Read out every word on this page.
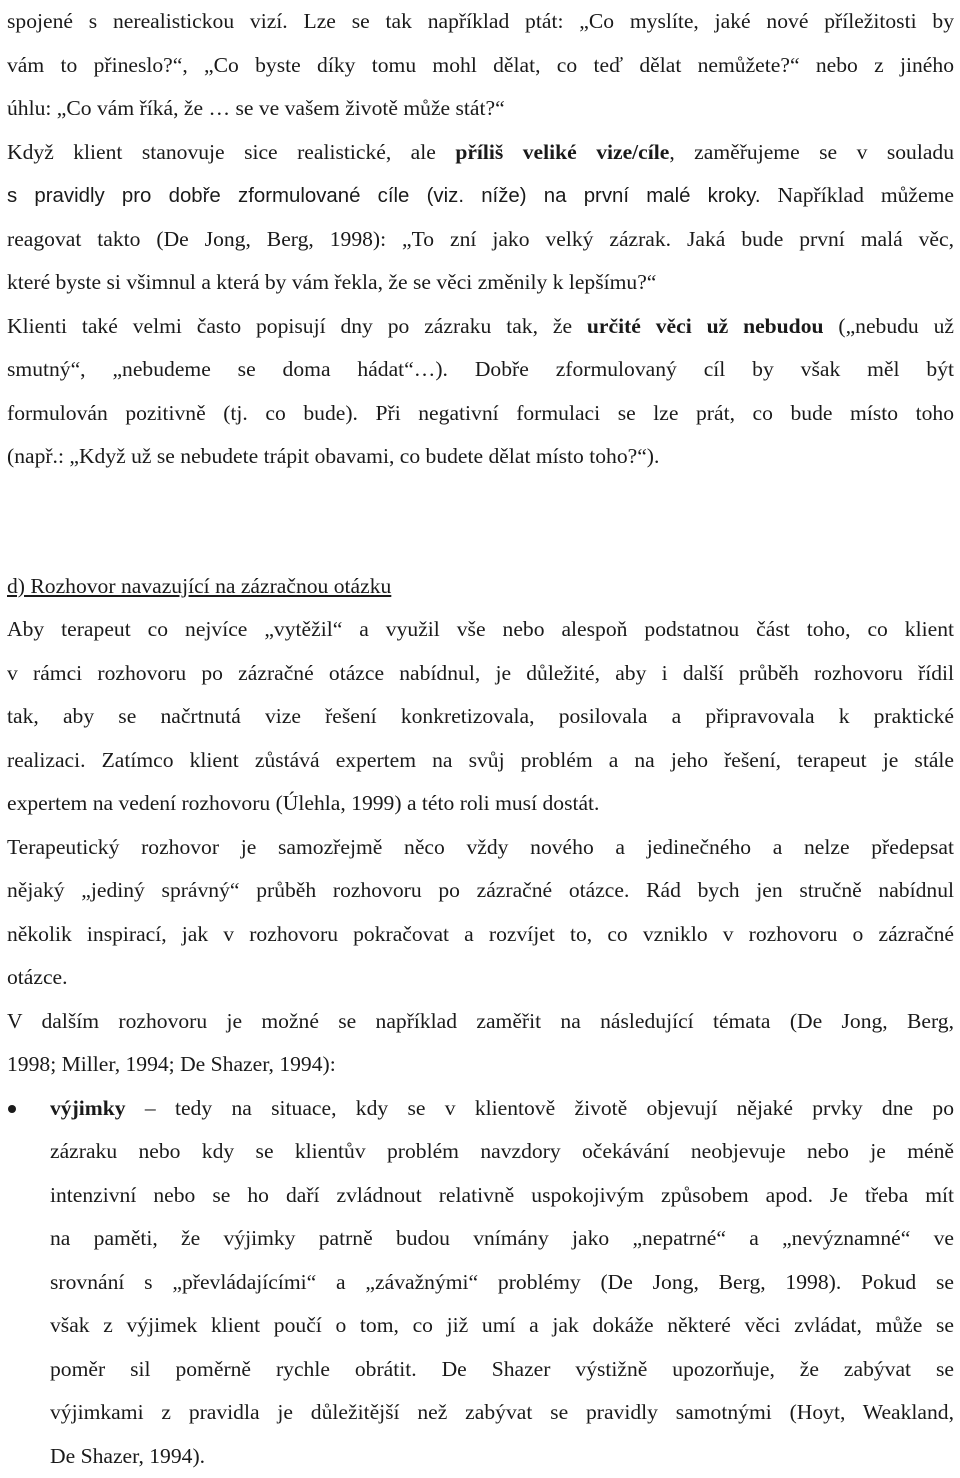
spojené s nerealistickou vizí. Lze se tak například ptát: „Co myslíte, jaké nové příležitosti by
vám to přineslo?“, „Co byste díky tomu mohl dělat, co teď dělat nemůžete?“ nebo z jiného
úhlu: „Co vám říká, že … se ve vašem životě může stát?“
Když klient stanovuje sice realistické, ale příliš veliké vize/cíle, zaměřujeme se v souladu
s pravidly pro dobře zformulované cíle (viz. níže) na první malé kroky. Například můžeme
reagovat takto (De Jong, Berg, 1998): „To zní jako velký zázrak. Jaká bude první malá věc,
které byste si všimnul a která by vám řekla, že se věci změnily k lepšímu?“
Klienti také velmi často popisují dny po zázraku tak, že určité věci už nebudou („nebudu už
smutný“, „nebudeme se doma hádat“…). Dobře zformulovaný cíl by však měl být
formulován pozitivně (tj. co bude). Při negativní formulaci se lze prát, co bude místo toho
(např.: „Když už se nebudete trápit obavami, co budete dělat místo toho?“).
d) Rozhovor navazující na zázračnou otázku
Aby terapeut co nejvíce „vytěžil“ a využil vše nebo alespoň podstatnou část toho, co klient
v rámci rozhovoru po zázračné otázce nabídnul, je důležité, aby i další průběh rozhovoru řídil
tak, aby se načrtnutá vize řešení konkretizovala, posilovala a připravovala k praktické
realizaci. Zatímco klient zůstává expertem na svůj problém a na jeho řešení, terapeut je stále
expertem na vedení rozhovoru (Úlehla, 1999) a této roli musí dostát.
Terapeutický rozhovor je samozřejmě něco vždy nového a jedinečného a nelze předepsat
nějaký „jediný správný“ průběh rozhovoru po zázračné otázce. Rád bych jen stručně nabídnul
několik inspirací, jak v rozhovoru pokračovat a rozvíjet to, co vzniklo v rozhovoru o zázračné
otázce.
V dalším rozhovoru je možné se například zaměřit na následující témata (De Jong, Berg,
1998; Miller, 1994; De Shazer, 1994):
výjimky – tedy na situace, kdy se v klientově životě objevují nějaké prvky dne po
zázraku nebo kdy se klientův problém navzdory očekávání neobjevuje nebo je méně
intenzivní nebo se ho daří zvládnout relativně uspokojivým způsobem apod. Je třeba mít
na paměti, že výjimky patrně budou vnímány jako „nepatrné“ a „nevýznamné“ ve
srovnání s „převládajícími“ a „závažnými“ problémy (De Jong, Berg, 1998). Pokud se
však z výjimek klient poučí o tom, co již umí a jak dokáže některé věci zvládat, může se
poměr sil poměrně rychle obrátit. De Shazer výstižně upozorňuje, že zabývat se
výjimkami z pravidla je důležitější než zabývat se pravidly samotnými (Hoyt, Weakland,
De Shazer, 1994).
